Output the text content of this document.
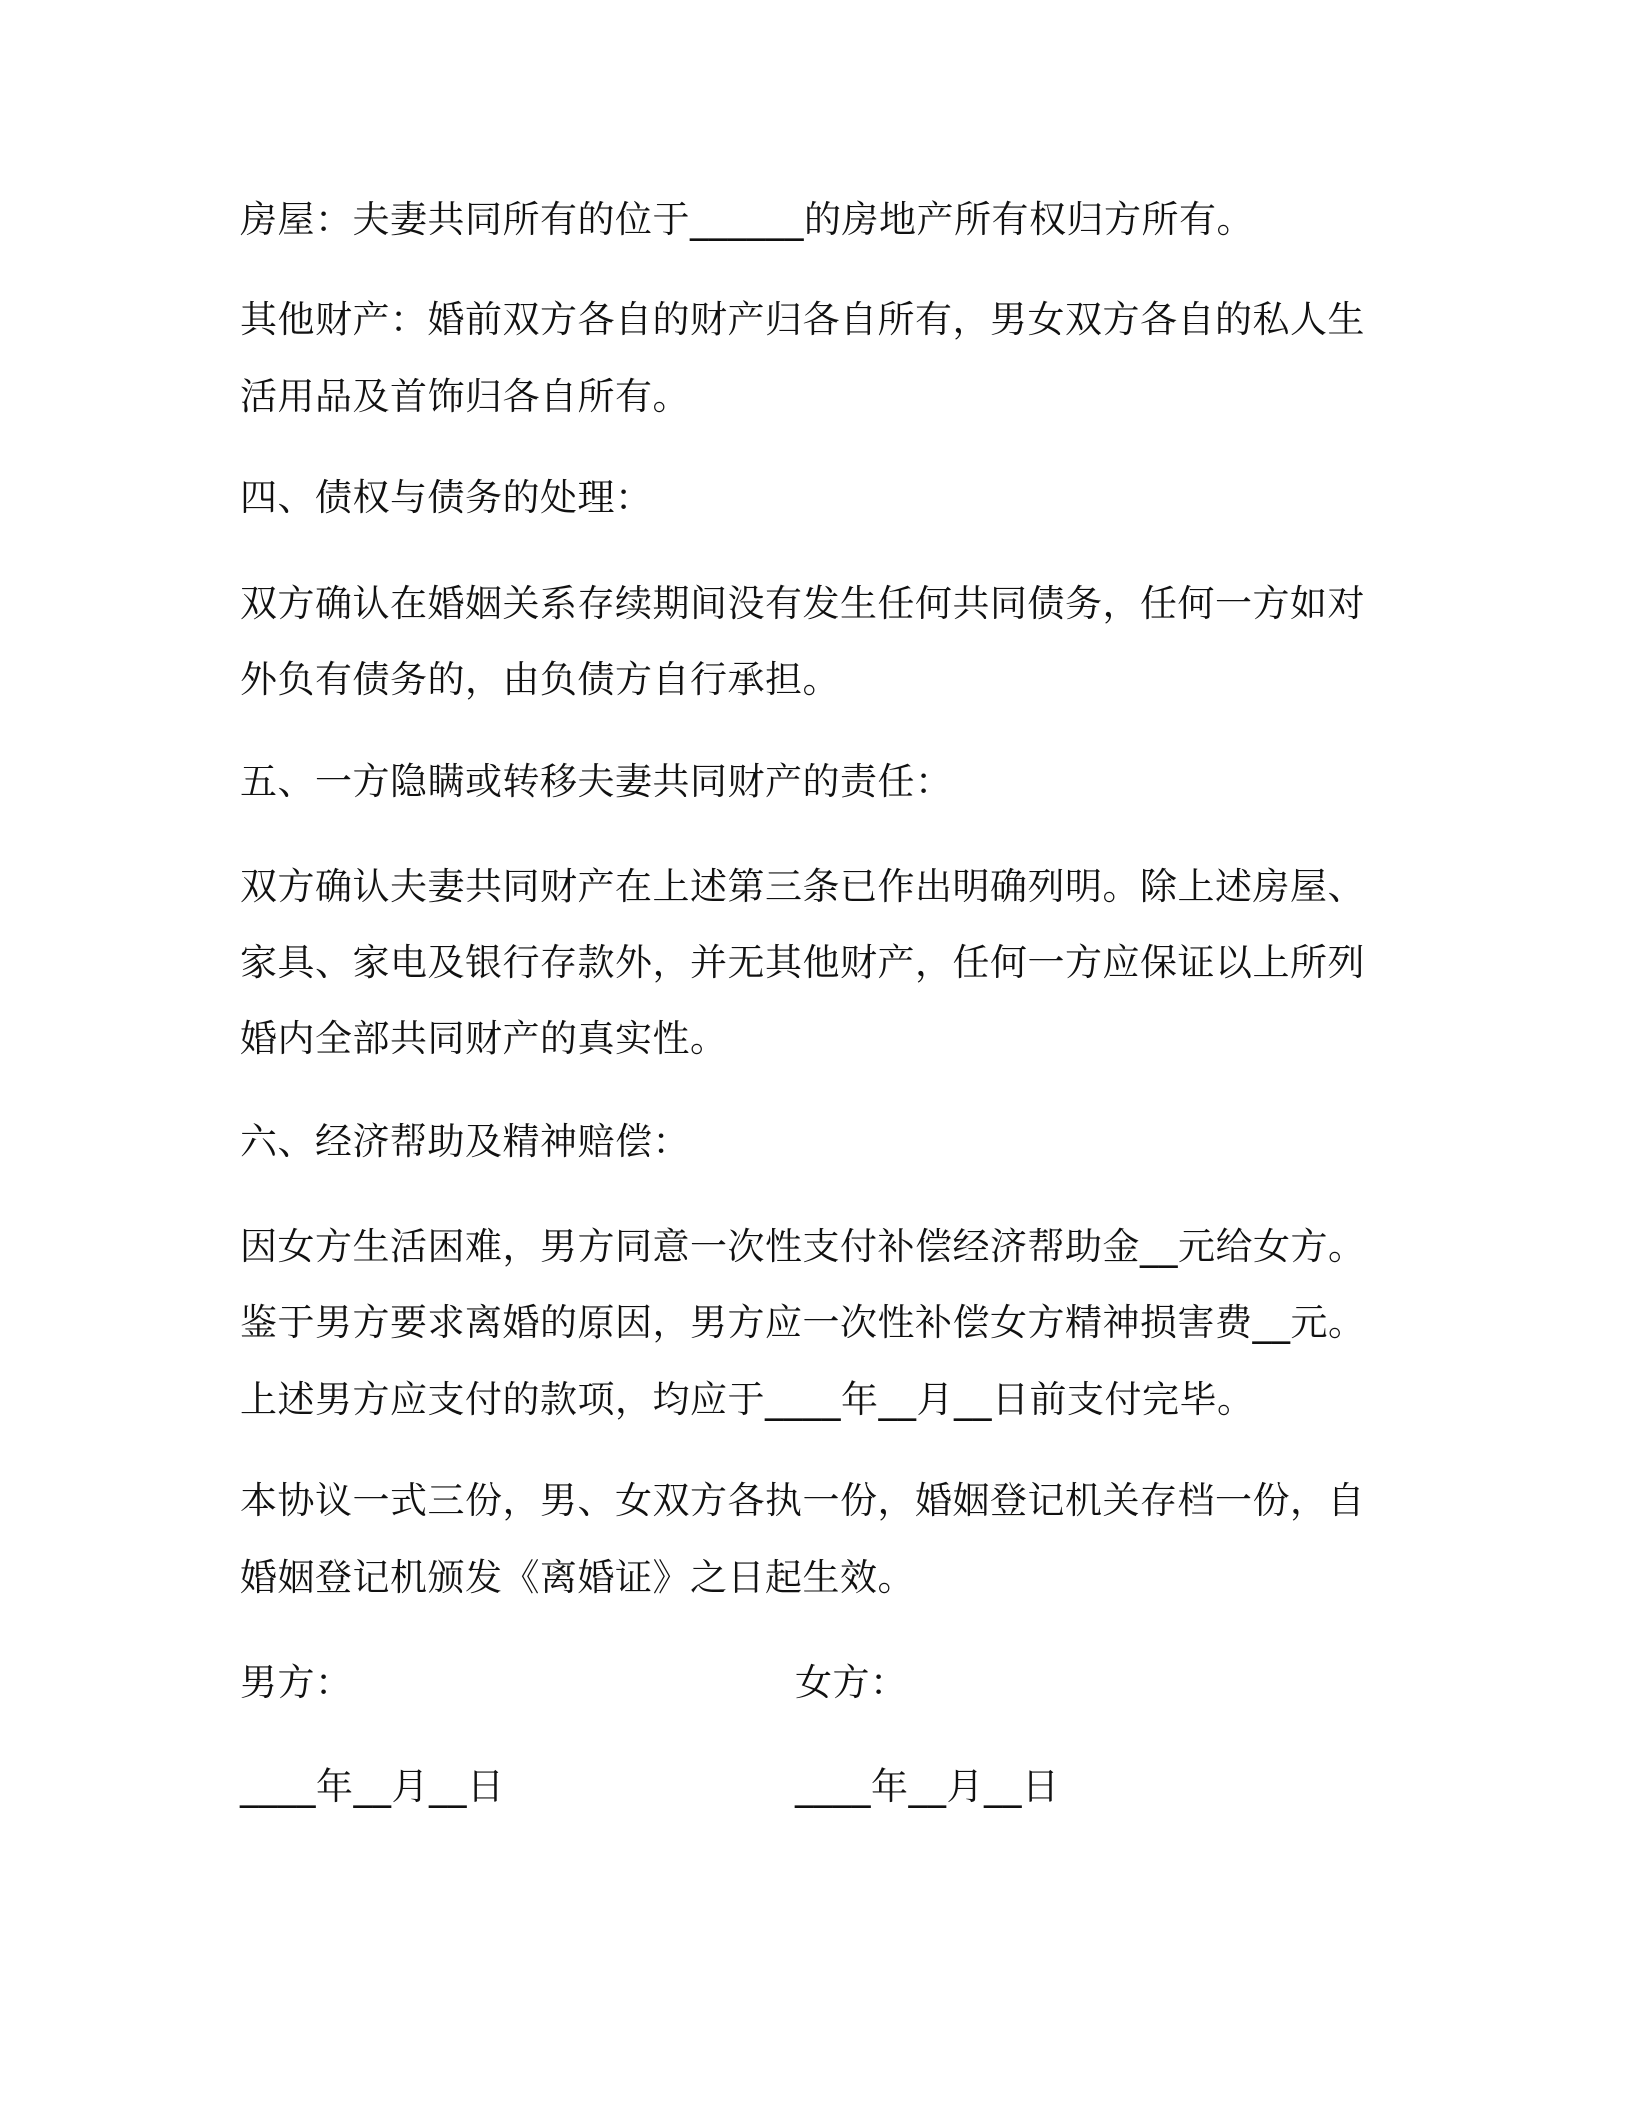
房屋：夫妻共同所有的位于______的房地产所有权归方所有。
其他财产：婚前双方各自的财产归各自所有，男女双方各自的私人生
活用品及首饰归各自所有。
四、债权与债务的处理：
双方确认在婚姻关系存续期间没有发生任何共同债务，任何一方如对
外负有债务的，由负债方自行承担。
五、一方隐瞒或转移夫妻共同财产的责任：
双方确认夫妻共同财产在上述第三条已作出明确列明。除上述房屋、
家具、家电及银行存款外，并无其他财产，任何一方应保证以上所列
婚内全部共同财产的真实性。
六、经济帮助及精神赔偿：
因女方生活困难，男方同意一次性支付补偿经济帮助金__元给女方。
鉴于男方要求离婚的原因，男方应一次性补偿女方精神损害费__元。
上述男方应支付的款项，均应于____年__月__日前支付完毕。
本协议一式三份，男、女双方各执一份，婚姻登记机关存档一份，自
婚姻登记机颁发《离婚证》之日起生效。
男方：	女方：
____年__月__日	____年__月__日
